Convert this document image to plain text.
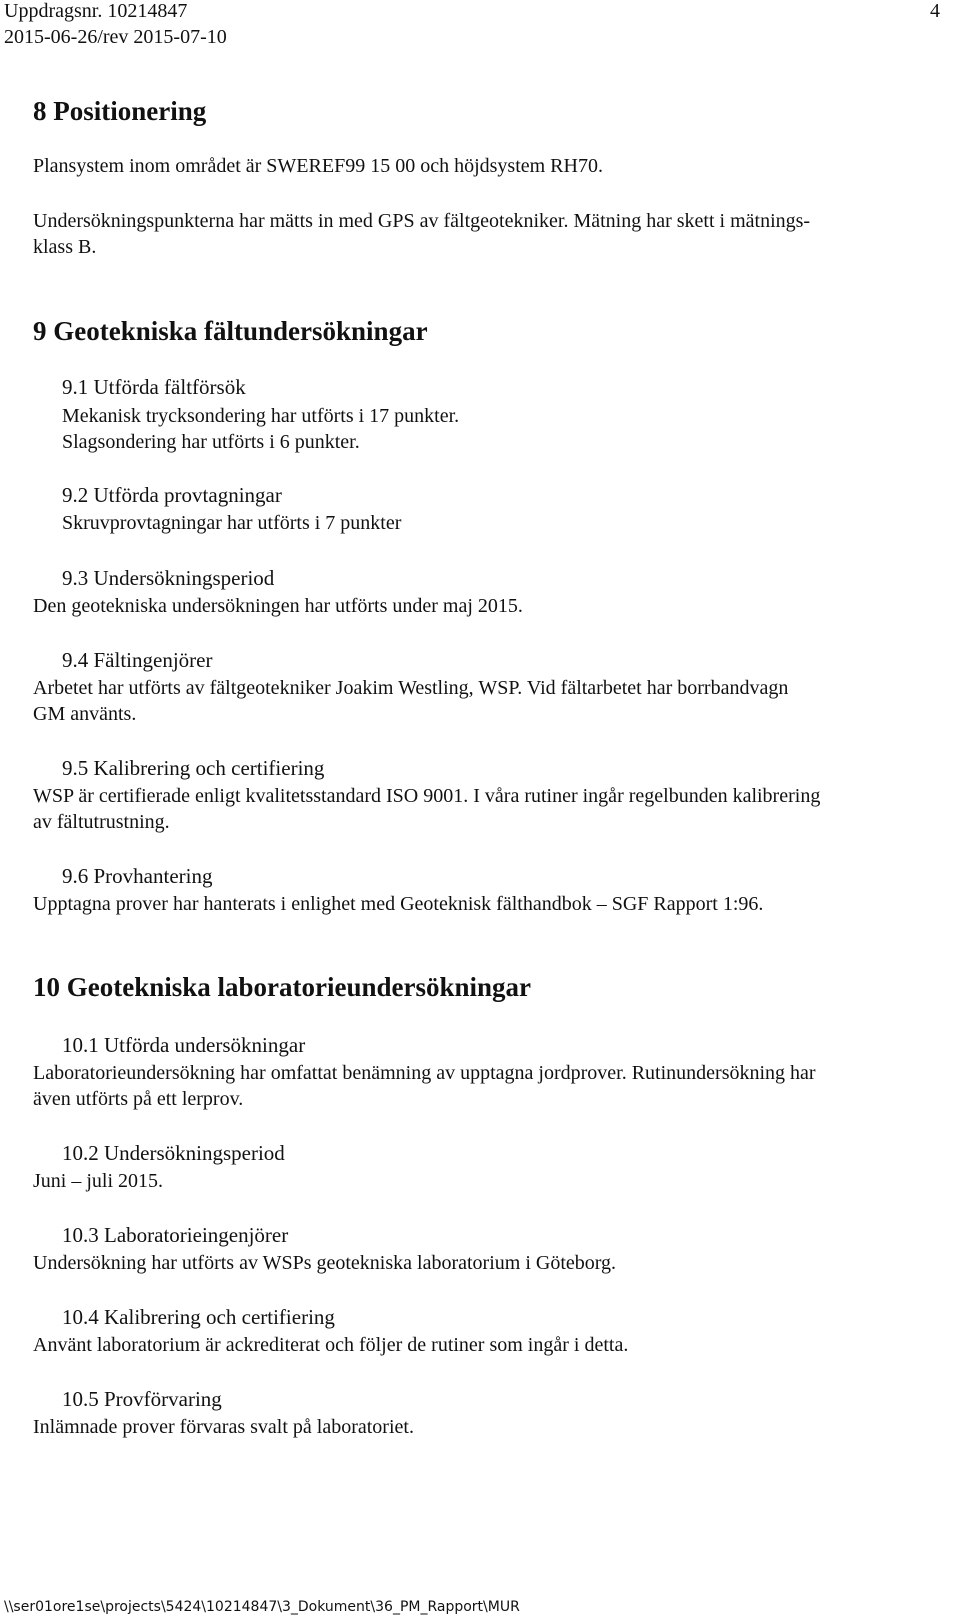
Uppdragsnr. 10214847
2015-06-26/rev 2015-07-10
4
8 Positionering
Plansystem inom området är SWEREF99 15 00 och höjdsystem RH70.
Undersökningspunkterna har mätts in med GPS av fältgeotekniker. Mätning har skett i mätnings-
klass B.
9 Geotekniska fältundersökningar
9.1 Utförda fältförsök
Mekanisk trycksondering har utförts i 17 punkter.
Slagsondering har utförts i 6 punkter.
9.2 Utförda provtagningar
Skruvprovtagningar har utförts i 7 punkter
9.3 Undersökningsperiod
Den geotekniska undersökningen har utförts under maj 2015.
9.4 Fältingenjörer
Arbetet har utförts av fältgeotekniker Joakim Westling, WSP. Vid fältarbetet har borrbandvagn
GM använts.
9.5 Kalibrering och certifiering
WSP är certifierade enligt kvalitetsstandard ISO 9001. I våra rutiner ingår regelbunden kalibrering
av fältutrustning.
9.6 Provhantering
Upptagna prover har hanterats i enlighet med Geoteknisk fälthandbok – SGF Rapport 1:96.
10 Geotekniska laboratorieundersökningar
10.1 Utförda undersökningar
Laboratorieundersökning har omfattat benämning av upptagna jordprover. Rutinundersökning har
även utförts på ett lerprov.
10.2 Undersökningsperiod
Juni – juli 2015.
10.3 Laboratorieingenjörer
Undersökning har utförts av WSPs geotekniska laboratorium i Göteborg.
10.4 Kalibrering och certifiering
Använt laboratorium är ackrediterat och följer de rutiner som ingår i detta.
10.5 Provförvaring
Inlämnade prover förvaras svalt på laboratoriet.
\\ser01ore1se\projects\5424\10214847\3_Dokument\36_PM_Rapport\MUR
